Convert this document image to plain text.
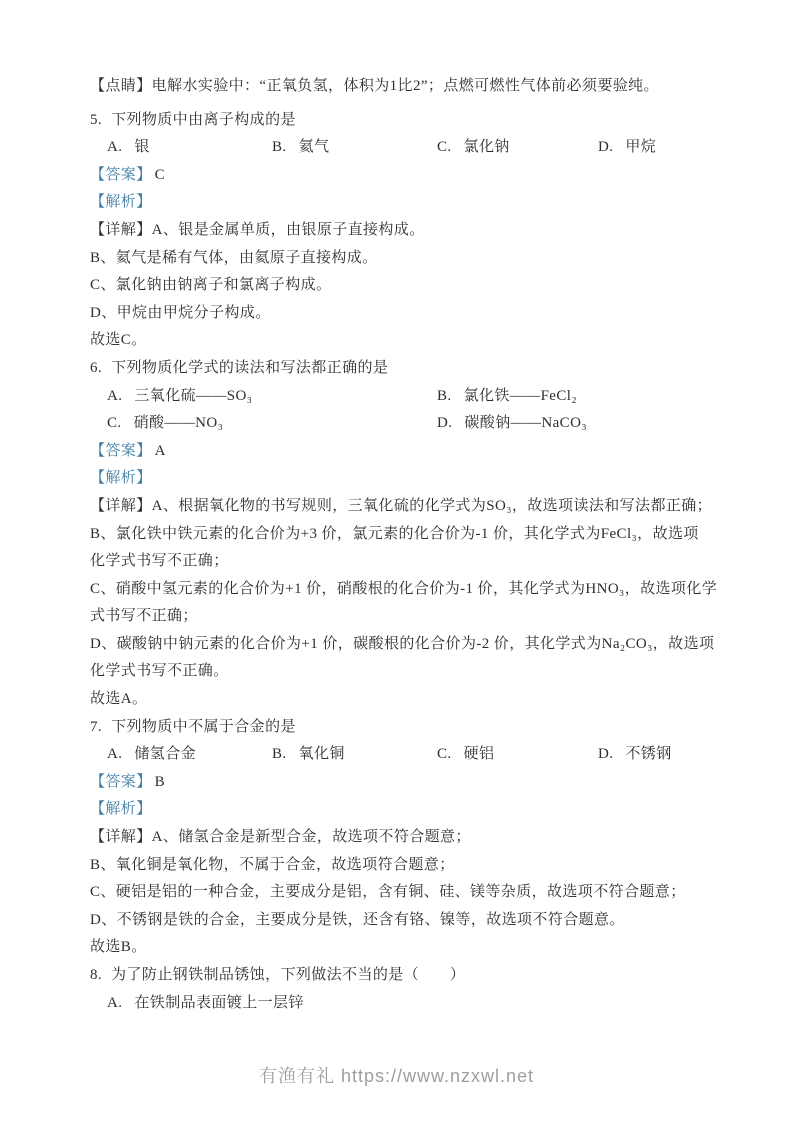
【点睛】电解水实验中：“正氧负氢，体积为1比2”；点燃可燃性气体前必须要验纯。

5. 下列物质中由离子构成的是

A. 银	B. 氦气	C. 氯化钠	D. 甲烷

【答案】 C

【解析】

【详解】A、银是金属单质，由银原子直接构成。

B、氦气是稀有气体，由氦原子直接构成。

C、氯化钠由钠离子和氯离子构成。

D、甲烷由甲烷分子构成。

故选C。

6. 下列物质化学式的读法和写法都正确的是

A. 三氧化硫——SO₃	B. 氯化铁——FeCl₂

C. 硝酸——NO₃	D. 碳酸钠——NaCO₃

【答案】 A

【解析】

【详解】A、根据氧化物的书写规则，三氧化硫的化学式为SO₃，故选项读法和写法都正确；

B、氯化铁中铁元素的化合价为+3 价，氯元素的化合价为-1 价，其化学式为FeCl₃，故选项

化学式书写不正确；

C、硝酸中氢元素的化合价为+1 价，硝酸根的化合价为-1 价，其化学式为HNO₃，故选项化学

式书写不正确；

D、碳酸钠中钠元素的化合价为+1 价，碳酸根的化合价为-2 价，其化学式为Na₂CO₃，故选项

化学式书写不正确。

故选A。

7. 下列物质中不属于合金的是

A. 储氢合金	B. 氧化铜	C. 硬铝	D. 不锈钢

【答案】 B

【解析】

【详解】A、储氢合金是新型合金，故选项不符合题意；

B、氧化铜是氧化物，不属于合金，故选项符合题意；

C、硬铝是铝的一种合金，主要成分是铝，含有铜、硅、镁等杂质，故选项不符合题意；

D、不锈钢是铁的合金，主要成分是铁，还含有铬、镍等，故选项不符合题意。

故选B。

8. 为了防止钢铁制品锈蚀，下列做法不当的是（　　）

A. 在铁制品表面镀上一层锌

有渔有礼 https://www.nzxwl.net
